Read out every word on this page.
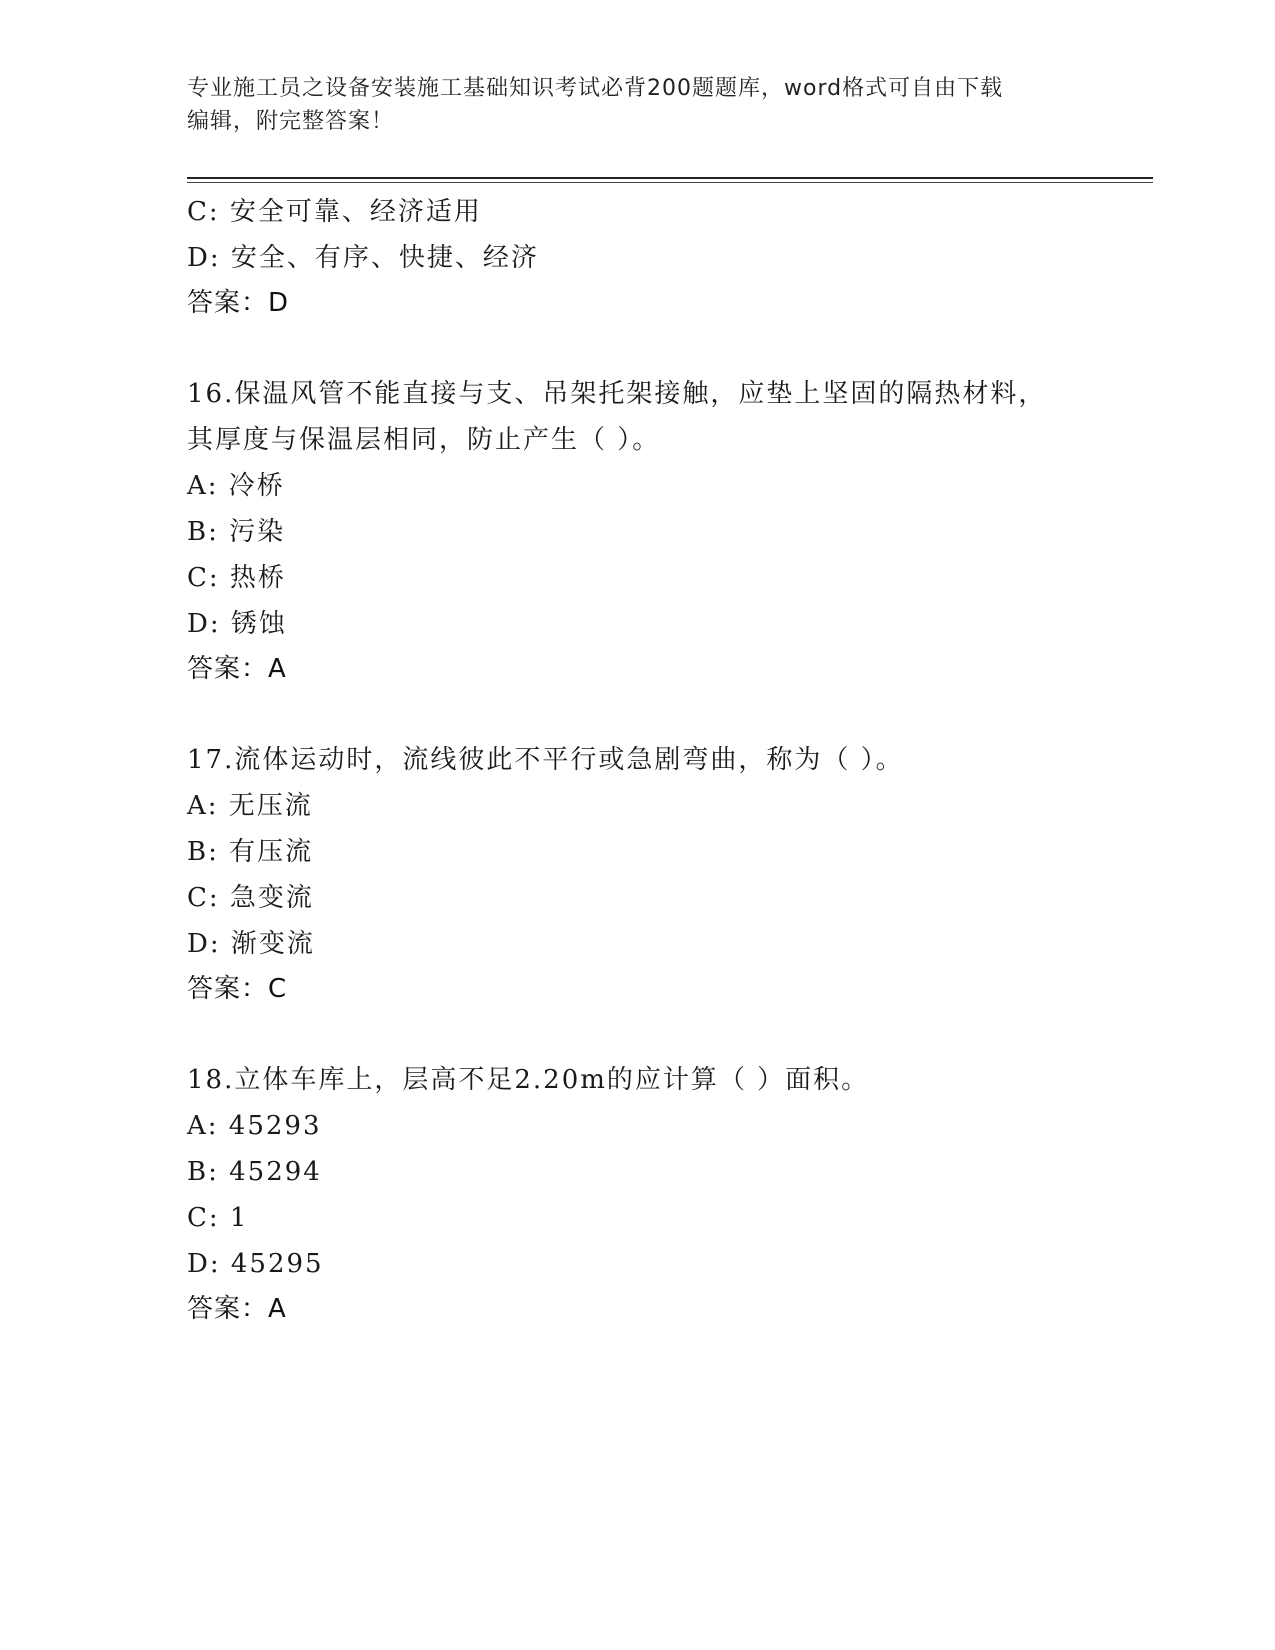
专业施工员之设备安装施工基础知识考试必背200题题库，word格式可自由下载
编辑，附完整答案！
C: 安全可靠、经济适用
D: 安全、有序、快捷、经济
答案：D
16.保温风管不能直接与支、吊架托架接触，应垫上坚固的隔热材料，
其厚度与保温层相同，防止产生（ ）。
A: 冷桥
B: 污染
C: 热桥
D: 锈蚀
答案：A
17.流体运动时，流线彼此不平行或急剧弯曲，称为（ ）。
A: 无压流
B: 有压流
C: 急变流
D: 渐变流
答案：C
18.立体车库上，层高不足2.20m的应计算（ ）面积。
A: 45293
B: 45294
C: 1
D: 45295
答案：A
